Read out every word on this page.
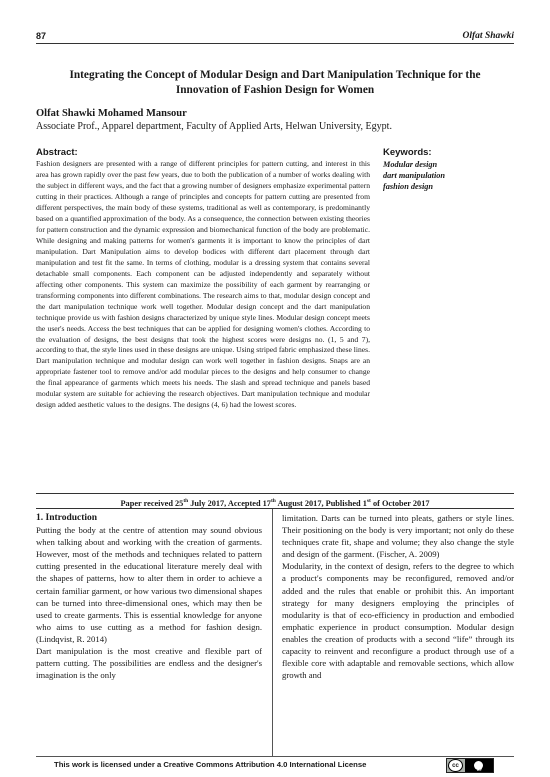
87	Olfat Shawki
Integrating the Concept of Modular Design and Dart Manipulation Technique for the Innovation of Fashion Design for Women
Olfat Shawki Mohamed Mansour
Associate Prof., Apparel department, Faculty of Applied Arts, Helwan University, Egypt.
Abstract:
Fashion designers are presented with a range of different principles for pattern cutting, and interest in this area has grown rapidly over the past few years, due to both the publication of a number of works dealing with the subject in different ways, and the fact that a growing number of designers emphasize experimental pattern cutting in their practices. Although a range of principles and concepts for pattern cutting are presented from different perspectives, the main body of these systems, traditional as well as contemporary, is predominantly based on a quantified approximation of the body. As a consequence, the connection between existing theories for pattern construction and the dynamic expression and biomechanical function of the body are problematic. While designing and making patterns for women's garments it is important to know the principles of dart manipulation. Dart Manipulation aims to develop bodices with different dart placement through dart manipulation and test fit the same. In terms of clothing, modular is a dressing system that contains several detachable small components. Each component can be adjusted independently and separately without affecting other components. This system can maximize the possibility of each garment by rearranging or transforming components into different combinations. The research aims to that, modular design concept and the dart manipulation technique work well together. Modular design concept and the dart manipulation technique provide us with fashion designs characterized by unique style lines. Modular design concept meets the user's needs. Access the best techniques that can be applied for designing women's clothes. According to the evaluation of designs, the best designs that took the highest scores were designs no. (1, 5 and 7), according to that, the style lines used in these designs are unique. Using striped fabric emphasized these lines. Dart manipulation technique and modular design can work well together in fashion designs. Snaps are an appropriate fastener tool to remove and/or add modular pieces to the designs and help consumer to change the final appearance of garments which meets his needs. The slash and spread technique and panels based modular system are suitable for achieving the research objectives. Dart manipulation technique and modular design added aesthetic values to the designs. The designs (4, 6) had the lowest scores.
Keywords:
Modular design
dart manipulation
fashion design
Paper received 25th July 2017, Accepted 17th August 2017, Published 1st of October 2017
1. Introduction

Putting the body at the centre of attention may sound obvious when talking about and working with the creation of garments. However, most of the methods and techniques related to pattern cutting presented in the educational literature merely deal with the shapes of patterns, how to alter them in order to achieve a certain familiar garment, or how various two dimensional shapes can be turned into three-dimensional ones, which may then be used to create garments. This is essential knowledge for anyone who aims to use cutting as a method for fashion design. (Lindqvist, R. 2014)

Dart manipulation is the most creative and flexible part of pattern cutting. The possibilities are endless and the designer's imagination is the only

limitation. Darts can be turned into pleats, gathers or style lines. Their positioning on the body is very important; not only do these techniques crate fit, shape and volume; they also change the style and design of the garment. (Fischer, A. 2009)

Modularity, in the context of design, refers to the degree to which a product's components may be reconfigured, removed and/or added and the rules that enable or prohibit this. An important strategy for many designers employing the principles of modularity is that of eco-efficiency in production and embodied emphatic experience in product consumption. Modular design enables the creation of products with a second “life” through its capacity to reinvent and reconfigure a product through use of a flexible core with adaptable and removable sections, which allow growth and

This work is licensed under a Creative Commons Attribution 4.0 International License	cc
BY
